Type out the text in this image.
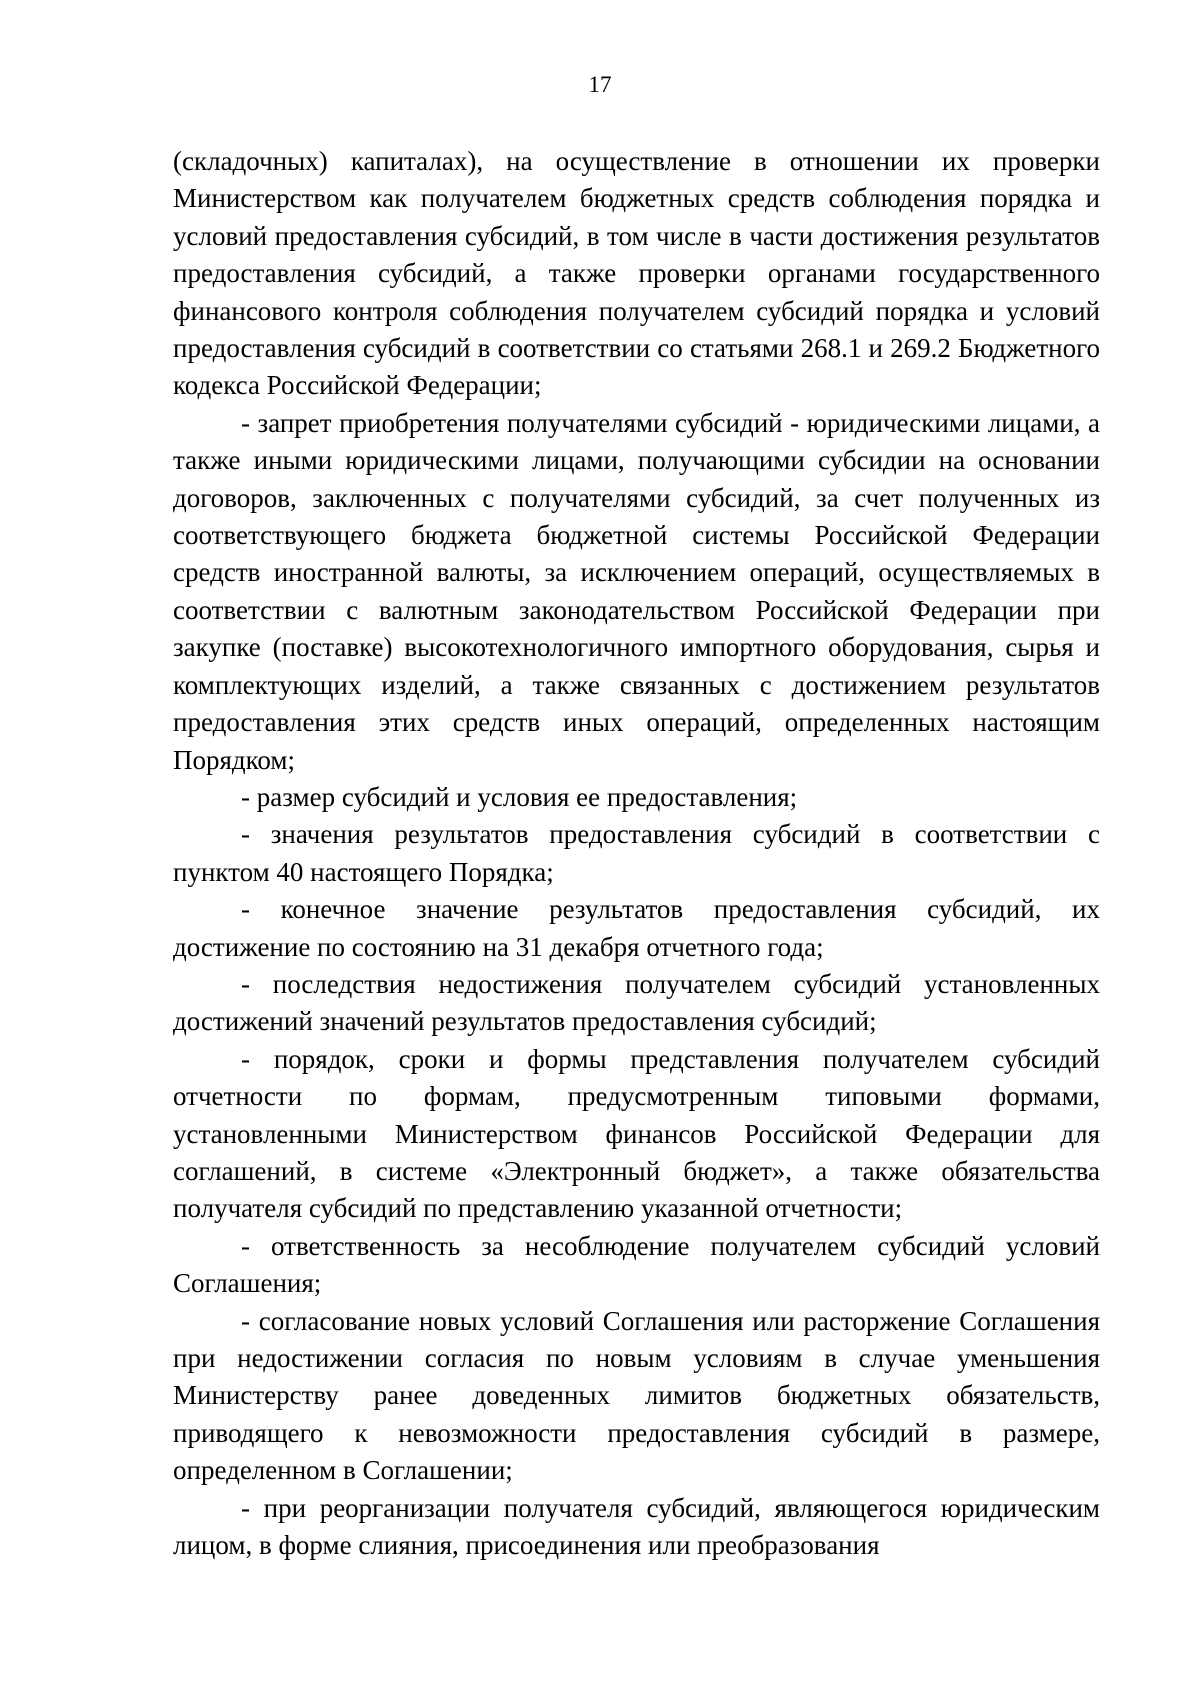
17

(складочных) капиталах), на осуществление в отношении их проверки Министерством как получателем бюджетных средств соблюдения порядка и условий предоставления субсидий, в том числе в части достижения результатов предоставления субсидий, а также проверки органами государственного финансового контроля соблюдения получателем субсидий порядка и условий предоставления субсидий в соответствии со статьями 268.1 и 269.2 Бюджетного кодекса Российской Федерации;

- запрет приобретения получателями субсидий - юридическими лицами, а также иными юридическими лицами, получающими субсидии на основании договоров, заключенных с получателями субсидий, за счет полученных из соответствующего бюджета бюджетной системы Российской Федерации средств иностранной валюты, за исключением операций, осуществляемых в соответствии с валютным законодательством Российской Федерации при закупке (поставке) высокотехнологичного импортного оборудования, сырья и комплектующих изделий, а также связанных с достижением результатов предоставления этих средств иных операций, определенных настоящим Порядком;

- размер субсидий и условия ее предоставления;

- значения результатов предоставления субсидий в соответствии с пунктом 40 настоящего Порядка;

- конечное значение результатов предоставления субсидий, их достижение по состоянию на 31 декабря отчетного года;

- последствия недостижения получателем субсидий установленных достижений значений результатов предоставления субсидий;

- порядок, сроки и формы представления получателем субсидий отчетности по формам, предусмотренным типовыми формами, установленными Министерством финансов Российской Федерации для соглашений, в системе «Электронный бюджет», а также обязательства получателя субсидий по представлению указанной отчетности;

- ответственность за несоблюдение получателем субсидий условий Соглашения;

- согласование новых условий Соглашения или расторжение Соглашения при недостижении согласия по новым условиям в случае уменьшения Министерству ранее доведенных лимитов бюджетных обязательств, приводящего к невозможности предоставления субсидий в размере, определенном в Соглашении;

- при реорганизации получателя субсидий, являющегося юридическим лицом, в форме слияния, присоединения или преобразования
